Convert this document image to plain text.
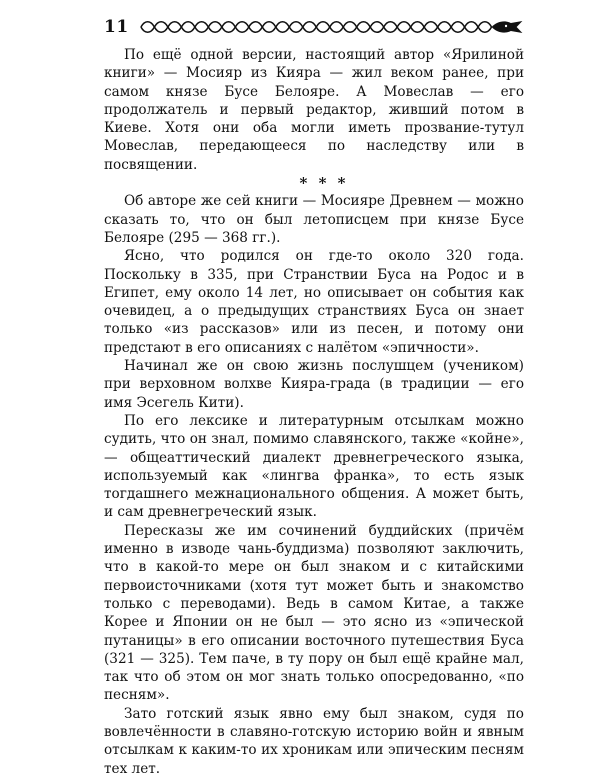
11

По ещё одной версии, настоящий автор «Ярилиной книги» — Мосияр из Кияра — жил веком ранее, при самом князе Бусе Белояре. А Мовеслав — его продолжатель и первый редактор, живший потом в Киеве. Хотя они оба могли иметь прозвание-тутул Мовеслав, передающееся по наследству или в посвящении.

* * *

Об авторе же сей книги — Мосияре Древнем — можно сказать то, что он был летописцем при князе Бусе Белояре (295 — 368 гг.).

Ясно, что родился он где-то около 320 года. Поскольку в 335, при Странствии Буса на Родос и в Египет, ему около 14 лет, но описывает он события как очевидец, а о предыдущих странствиях Буса он знает только «из рассказов» или из песен, и потому они предстают в его описаниях с налётом «эпичности».

Начинал же он свою жизнь послушцем (учеником) при верховном волхве Кияра-града (в традиции — его имя Эсегель Кити).

По его лексике и литературным отсылкам можно судить, что он знал, помимо славянского, также «койне», — общеаттический диалект древнегреческого языка, используемый как «лингва франка», то есть язык тогдашнего межнационального общения. А может быть, и сам древнегреческий язык.

Пересказы же им сочинений буддийских (причём именно в изводе чань-буддизма) позволяют заключить, что в какой-то мере он был знаком и с китайскими первоисточниками (хотя тут может быть и знакомство только с переводами). Ведь в самом Китае, а также Корее и Японии он не был — это ясно из «эпической путаницы» в его описании восточного путешествия Буса (321 — 325). Тем паче, в ту пору он был ещё крайне мал, так что об этом он мог знать только опосредованно, «по песням».

Зато готский язык явно ему был знаком, судя по вовлечённости в славяно-готскую историю войн и явным отсылкам к каким-то их хроникам или эпическим песням тех лет.
